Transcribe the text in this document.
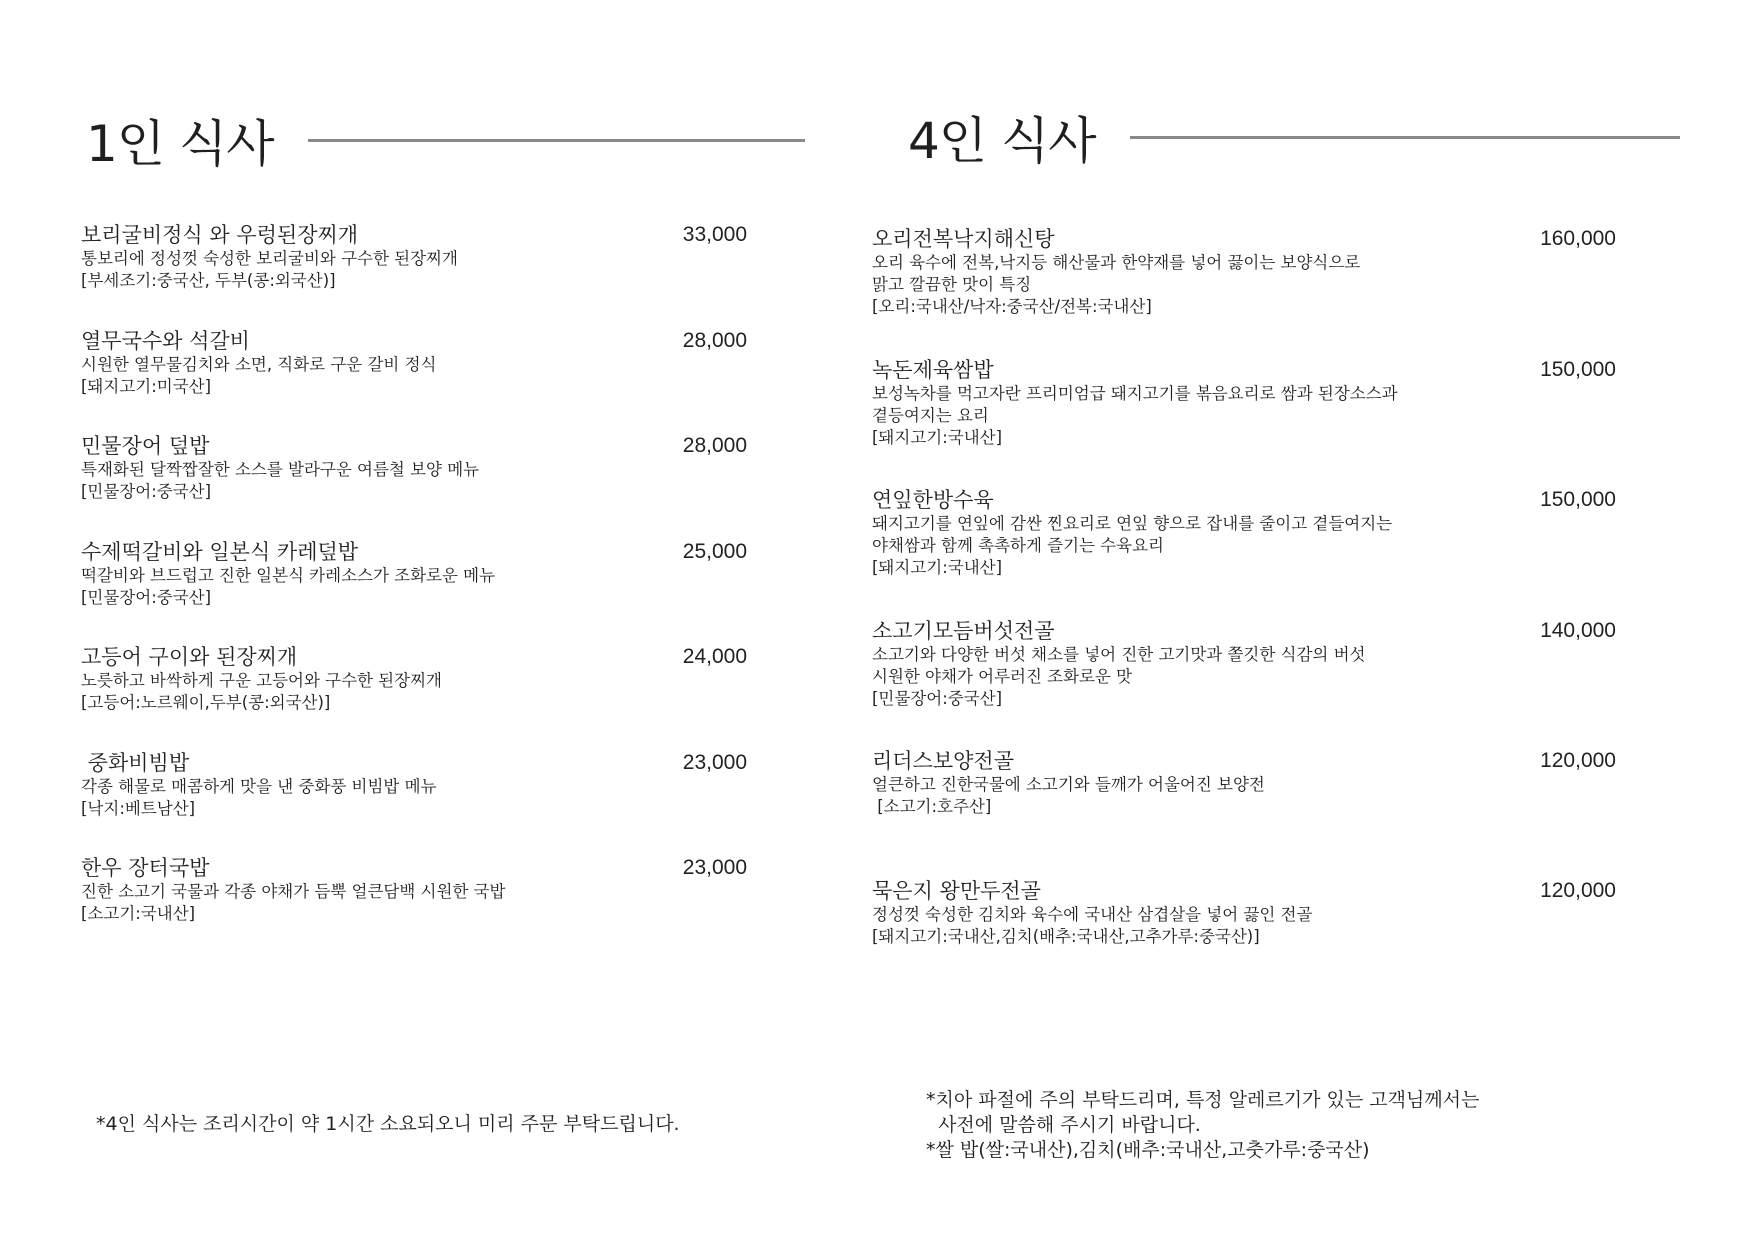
1인 식사	4인 식사
보리굴비정식 와 우렁된장찌개	33,000
통보리에 정성껏 숙성한 보리굴비와 구수한 된장찌개
[부세조기:중국산, 두부(콩:외국산)]
열무국수와 석갈비	28,000
시원한 열무물김치와 소면, 직화로 구운 갈비 정식
[돼지고기:미국산]
민물장어 덮밥	28,000
특재화된 달짝짭잘한 소스를 발라구운 여름철 보양 메뉴
[민물장어:중국산]
수제떡갈비와 일본식 카레덮밥	25,000
떡갈비와 브드럽고 진한 일본식 카레소스가 조화로운 메뉴
[민물장어:중국산]
고등어 구이와 된장찌개	24,000
노릇하고 바싹하게 구운 고등어와 구수한 된장찌개
[고등어:노르웨이,두부(콩:외국산)]
중화비빔밥	23,000
각종 해물로 매콤하게 맛을 낸 중화풍 비빔밥 메뉴
[낙지:베트남산]
한우 장터국밥	23,000
진한 소고기 국물과 각종 야채가 듬뿍 얼큰담백 시원한 국밥
[소고기:국내산]
오리전복낙지해신탕	160,000
오리 육수에 전복,낙지등 해산물과 한약재를 넣어 끓이는 보양식으로
맑고 깔끔한 맛이 특징
[오리:국내산/낙자:중국산/전복:국내산]
녹돈제육쌈밥	150,000
보성녹차를 먹고자란 프리미엄급 돼지고기를 볶음요리로 쌈과 된장소스과
곁등여지는 요리
[돼지고기:국내산]
연잎한방수육	150,000
돼지고기를 연잎에 감싼 찐요리로 연잎 향으로 잡내를 줄이고 곁들여지는
야채쌈과 함께 촉촉하게 즐기는 수육요리
[돼지고기:국내산]
소고기모듬버섯전골	140,000
소고기와 다양한 버섯 채소를 넣어 진한 고기맛과 쫄깃한 식감의 버섯
시원한 야채가 어루러진 조화로운 맛
[민물장어:중국산]
리더스보양전골	120,000
얼큰하고 진한국물에 소고기와 들깨가 어울어진 보양전
[소고기:호주산]
묵은지 왕만두전골	120,000
정성껏 숙성한 김치와 육수에 국내산 삼겹살을 넣어 끓인 전골
[돼지고기:국내산,김치(배추:국내산,고추가루:중국산)]
*4인 식사는 조리시간이 약 1시간 소요되오니 미리 주문 부탁드립니다.
*치아 파절에 주의 부탁드리며, 특정 알레르기가 있는 고객님께서는
사전에 말씀해 주시기 바랍니다.
*쌀 밥(쌀:국내산),김치(배추:국내산,고춧가루:중국산)
